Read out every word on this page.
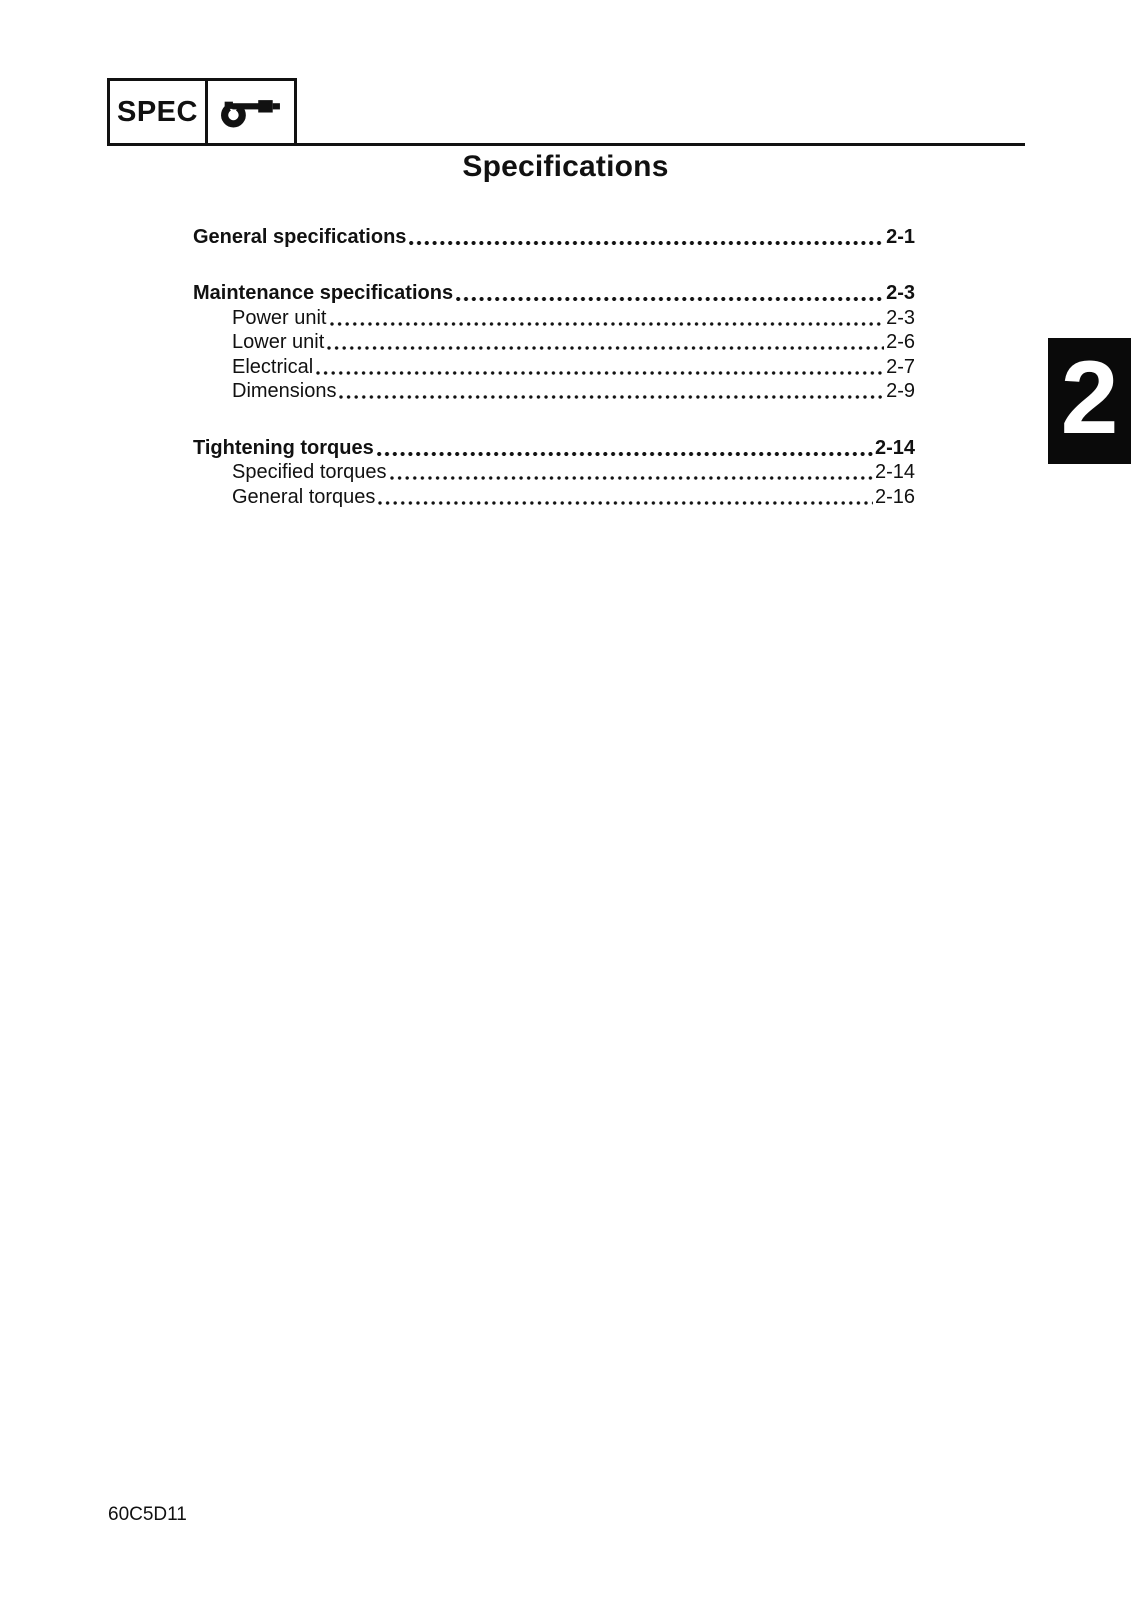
SPEC
Specifications
General specifications	2-1
Maintenance specifications	2-3
Power unit	2-3
Lower unit	2-6
Electrical	2-7
Dimensions	2-9
Tightening torques	2-14
Specified torques	2-14
General torques	2-16
2
60C5D11
